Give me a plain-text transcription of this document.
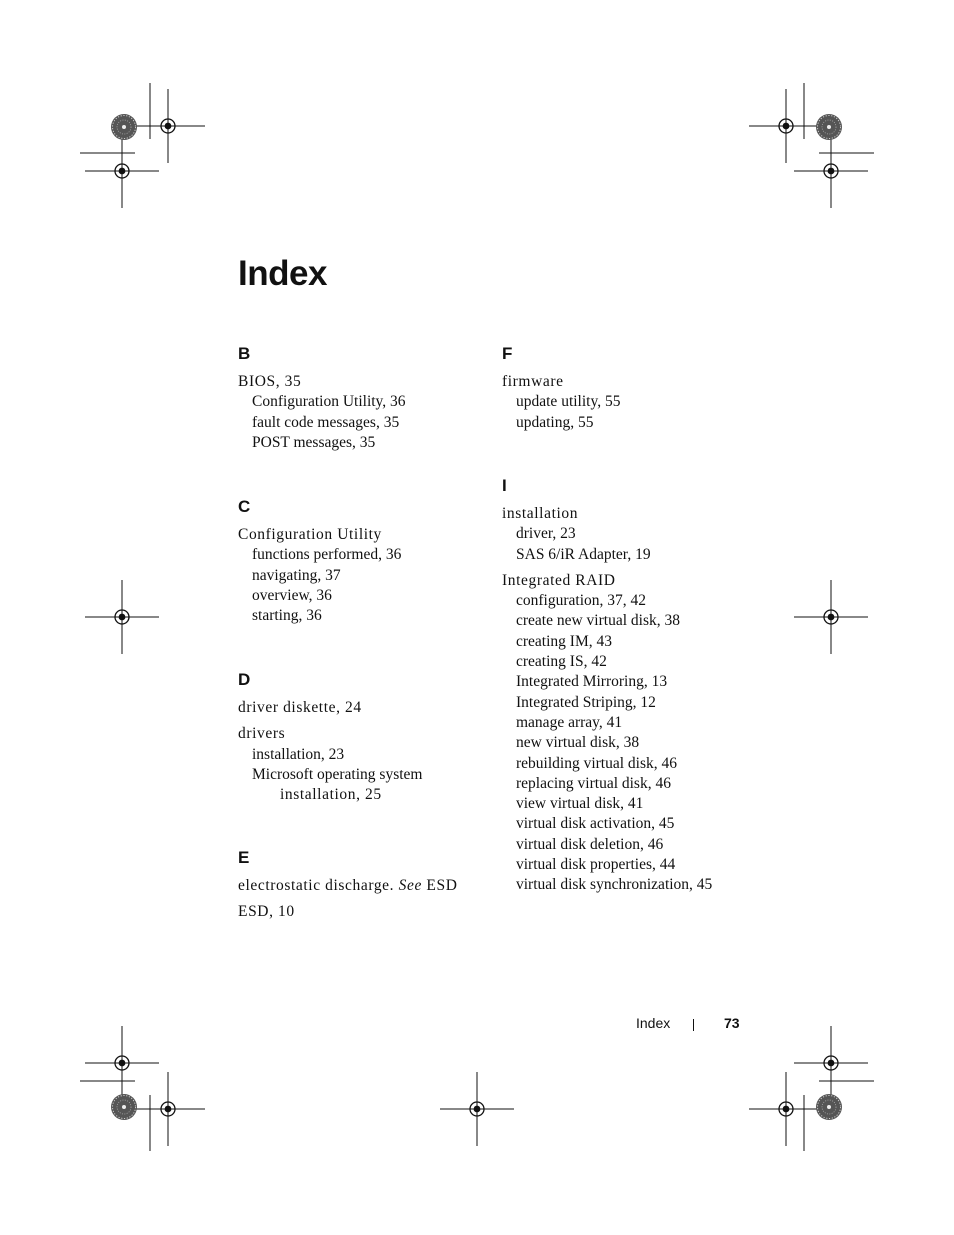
Index
B
BIOS, 35
Configuration Utility, 36
fault code messages, 35
POST messages, 35
C
Configuration Utility
functions performed, 36
navigating, 37
overview, 36
starting, 36
D
driver diskette, 24
drivers
installation, 23
Microsoft operating system
installation, 25
E
electrostatic discharge. See ESD
ESD, 10
F
firmware
update utility, 55
updating, 55
I
installation
driver, 23
SAS 6/iR Adapter, 19
Integrated RAID
configuration, 37, 42
create new virtual disk, 38
creating IM, 43
creating IS, 42
Integrated Mirroring, 13
Integrated Striping, 12
manage array, 41
new virtual disk, 38
rebuilding virtual disk, 46
replacing virtual disk, 46
view virtual disk, 41
virtual disk activation, 45
virtual disk deletion, 46
virtual disk properties, 44
virtual disk synchronization, 45
Index	73
